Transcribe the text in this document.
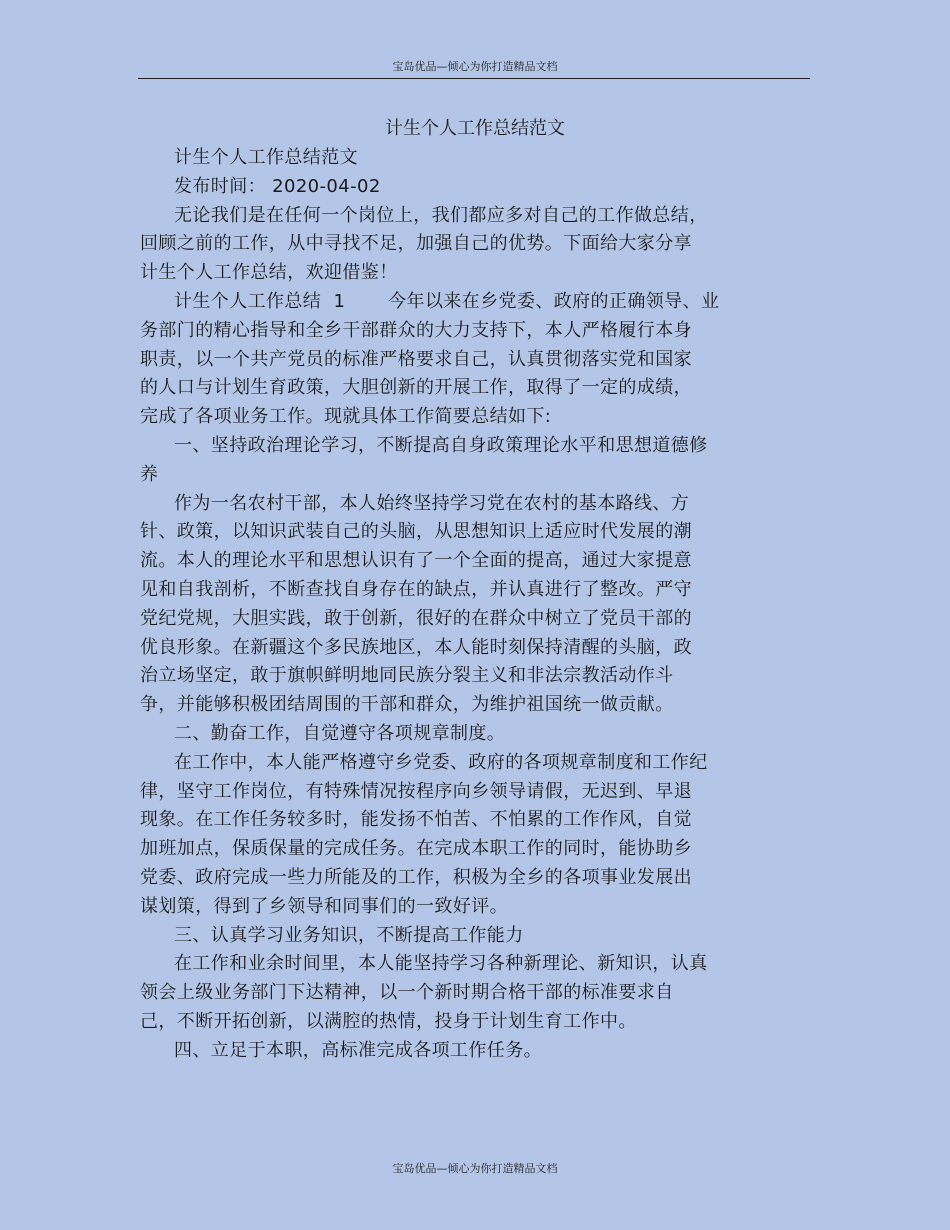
宝岛优品—倾心为你打造精品文档
计生个人工作总结范文
计生个人工作总结范文
发布时间： 2020-04-02
无论我们是在任何一个岗位上，我们都应多对自己的工作做总结，
回顾之前的工作，从中寻找不足，加强自己的优势。下面给大家分享
计生个人工作总结，欢迎借鉴！
计生个人工作总结  1       今年以来在乡党委、政府的正确领导、业
务部门的精心指导和全乡干部群众的大力支持下，本人严格履行本身
职责，以一个共产党员的标准严格要求自己，认真贯彻落实党和国家
的人口与计划生育政策，大胆创新的开展工作，取得了一定的成绩，
完成了各项业务工作。现就具体工作简要总结如下:
一、坚持政治理论学习，不断提高自身政策理论水平和思想道德修
养
作为一名农村干部，本人始终坚持学习党在农村的基本路线、方
针、政策，以知识武装自己的头脑，从思想知识上适应时代发展的潮
流。本人的理论水平和思想认识有了一个全面的提高，通过大家提意
见和自我剖析，不断查找自身存在的缺点，并认真进行了整改。严守
党纪党规，大胆实践，敢于创新，很好的在群众中树立了党员干部的
优良形象。在新疆这个多民族地区，本人能时刻保持清醒的头脑，政
治立场坚定，敢于旗帜鲜明地同民族分裂主义和非法宗教活动作斗
争，并能够积极团结周围的干部和群众，为维护祖国统一做贡献。
二、勤奋工作，自觉遵守各项规章制度。
在工作中，本人能严格遵守乡党委、政府的各项规章制度和工作纪
律，坚守工作岗位，有特殊情况按程序向乡领导请假，无迟到、早退
现象。在工作任务较多时，能发扬不怕苦、不怕累的工作作风，自觉
加班加点，保质保量的完成任务。在完成本职工作的同时，能协助乡
党委、政府完成一些力所能及的工作，积极为全乡的各项事业发展出
谋划策，得到了乡领导和同事们的一致好评。
三、认真学习业务知识，不断提高工作能力
在工作和业余时间里，本人能坚持学习各种新理论、新知识，认真
领会上级业务部门下达精神，以一个新时期合格干部的标准要求自
己，不断开拓创新，以满腔的热情，投身于计划生育工作中。
四、立足于本职，高标准完成各项工作任务。
宝岛优品—倾心为你打造精品文档
